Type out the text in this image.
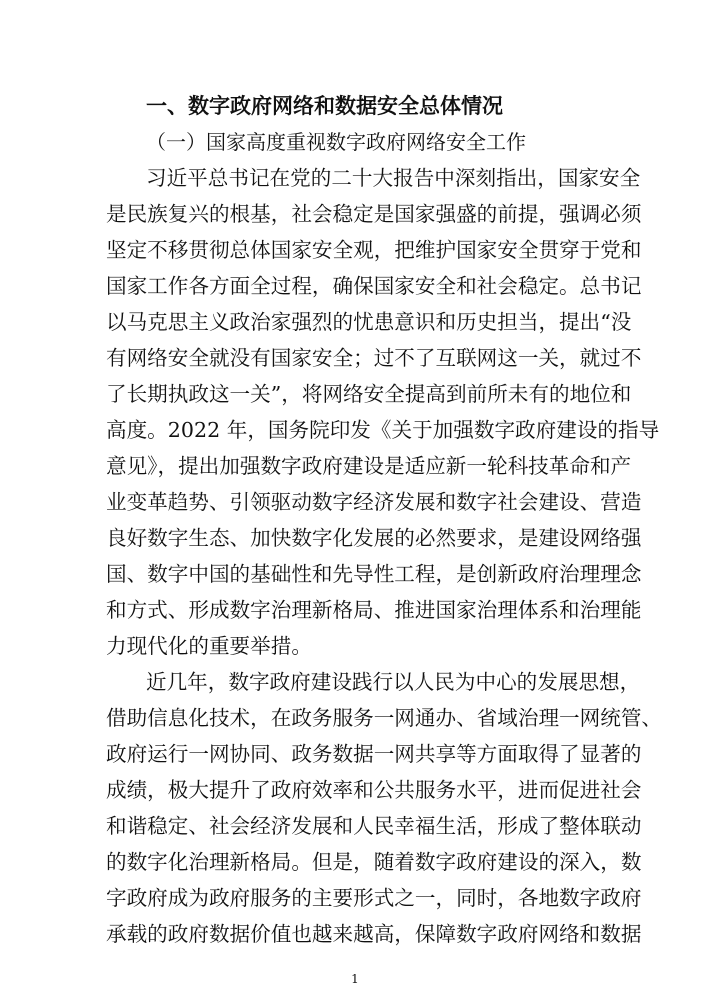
一、数字政府网络和数据安全总体情况
（一）国家高度重视数字政府网络安全工作
习近平总书记在党的二十大报告中深刻指出，国家安全
是民族复兴的根基，社会稳定是国家强盛的前提，强调必须
坚定不移贯彻总体国家安全观，把维护国家安全贯穿于党和
国家工作各方面全过程，确保国家安全和社会稳定。总书记
以马克思主义政治家强烈的忧患意识和历史担当，提出“没
有网络安全就没有国家安全；过不了互联网这一关，就过不
了长期执政这一关”，将网络安全提高到前所未有的地位和
高度。2022 年，国务院印发《关于加强数字政府建设的指导
意见》，提出加强数字政府建设是适应新一轮科技革命和产
业变革趋势、引领驱动数字经济发展和数字社会建设、营造
良好数字生态、加快数字化发展的必然要求，是建设网络强
国、数字中国的基础性和先导性工程，是创新政府治理理念
和方式、形成数字治理新格局、推进国家治理体系和治理能
力现代化的重要举措。
近几年，数字政府建设践行以人民为中心的发展思想，
借助信息化技术，在政务服务一网通办、省域治理一网统管、
政府运行一网协同、政务数据一网共享等方面取得了显著的
成绩，极大提升了政府效率和公共服务水平，进而促进社会
和谐稳定、社会经济发展和人民幸福生活，形成了整体联动
的数字化治理新格局。但是，随着数字政府建设的深入，数
字政府成为政府服务的主要形式之一，同时，各地数字政府
承载的政府数据价值也越来越高，保障数字政府网络和数据
1
